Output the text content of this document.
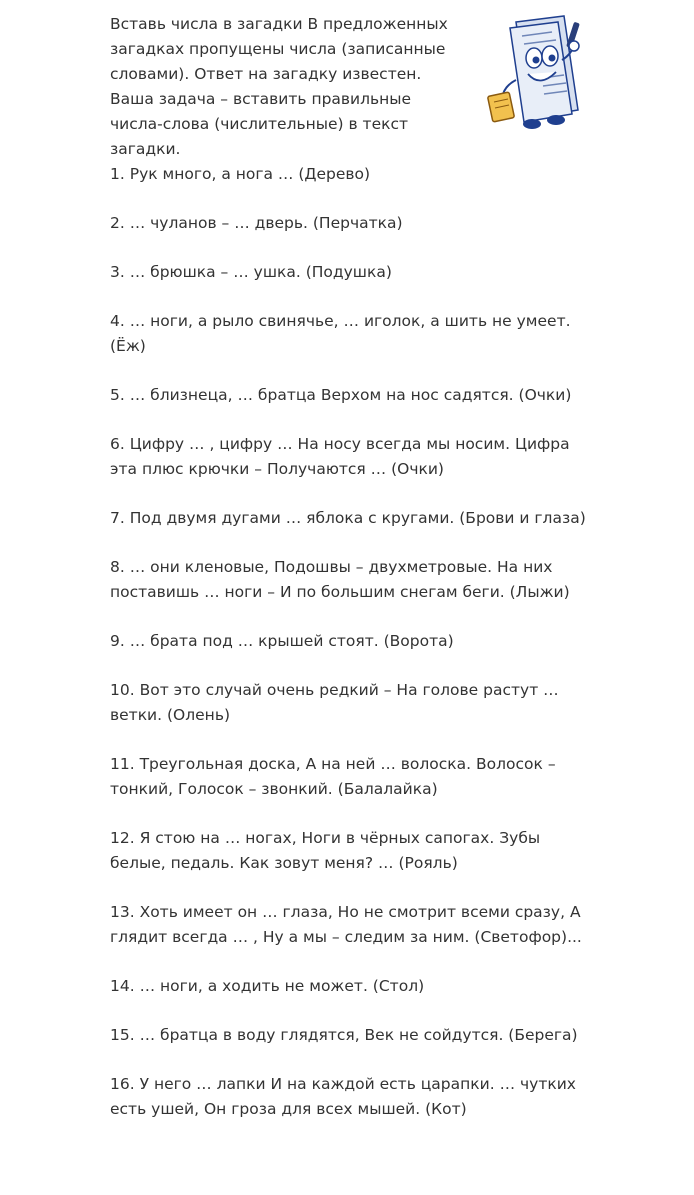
Вставь числа в загадки В предложенных загадках пропущены числа (записанные словами). Ответ на загадку известен. Ваша задача – вставить правильные числа-слова (числительные) в текст загадки.

1. Рук много, а нога … (Дерево)

2. … чуланов – … дверь. (Перчатка)

3. … брюшка – … ушка. (Подушка)

4. … ноги, а рыло свинячье, … иголок, а шить не умеет. (Ёж)

5. … близнеца, … братца Верхом на нос садятся. (Очки)

6. Цифру … , цифру … На носу всегда мы носим. Цифра эта плюс крючки – Получаются … (Очки)

7. Под двумя дугами … яблока с кругами. (Брови и глаза)

8. … они кленовые, Подошвы – двухметровые. На них поставишь … ноги – И по большим снегам беги. (Лыжи)

9. … брата под … крышей стоят. (Ворота)

10. Вот это случай очень редкий – На голове растут … ветки. (Олень)

11. Треугольная доска, А на ней … волоска. Волосок – тонкий, Голосок – звонкий. (Балалайка)

12. Я стою на … ногах, Ноги в чёрных сапогах. Зубы белые, педаль. Как зовут меня? … (Рояль)

13. Хоть имеет он … глаза, Но не смотрит всеми сразу, А глядит всегда … , Ну а мы – следим за ним. (Светофор)...

14. … ноги, а ходить не может. (Стол)

15. … братца в воду глядятся, Век не сойдутся. (Берега)

16. У него … лапки И на каждой есть царапки. … чутких есть ушей, Он гроза для всех мышей. (Кот)
